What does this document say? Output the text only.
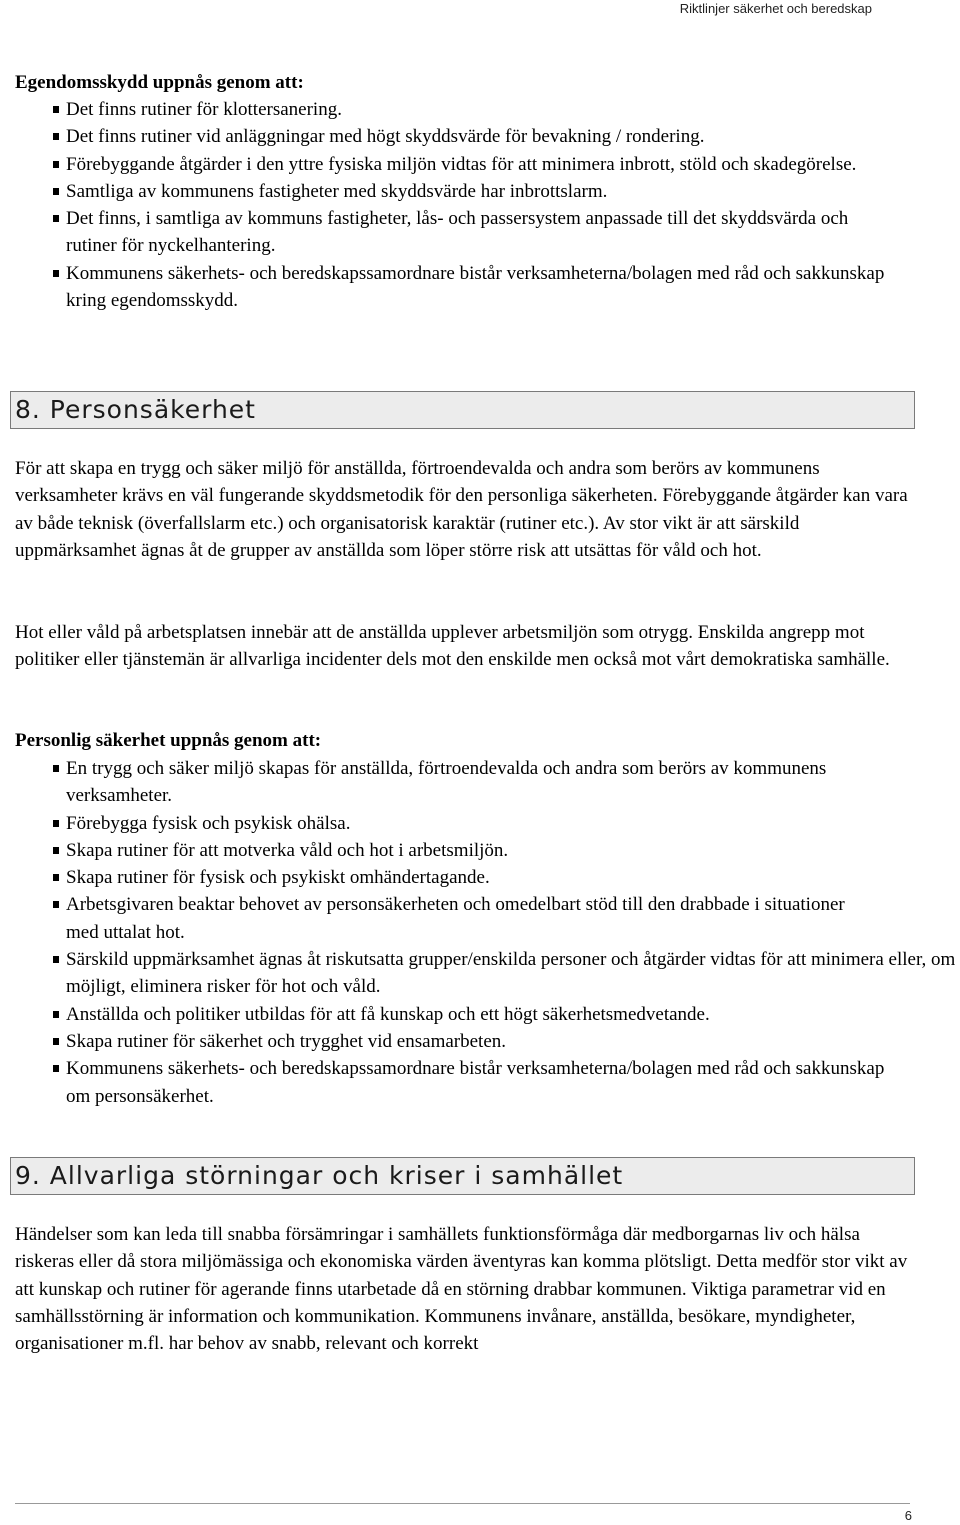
Riktlinjer säkerhet och beredskap

Egendomsskydd uppnås genom att:

Det finns rutiner för klottersanering.
Det finns rutiner vid anläggningar med högt skyddsvärde för bevakning / rondering.
Förebyggande åtgärder i den yttre fysiska miljön vidtas för att minimera inbrott, stöld och skadegörelse.
Samtliga av kommunens fastigheter med skyddsvärde har inbrottslarm.
Det finns, i samtliga av kommuns fastigheter, lås- och passersystem anpassade till det skyddsvärda och rutiner för nyckelhantering.
Kommunens säkerhets- och beredskapssamordnare bistår verksamheterna/bolagen med råd och sakkunskap kring egendomsskydd.
8. Personsäkerhet

För att skapa en trygg och säker miljö för anställda, förtroendevalda och andra som berörs av kommunens verksamheter krävs en väl fungerande skyddsmetodik för den personliga säkerheten. Förebyggande åtgärder kan vara av både teknisk (överfallslarm etc.) och organisatorisk karaktär (rutiner etc.). Av stor vikt är att särskild uppmärksamhet ägnas åt de grupper av anställda som löper större risk att utsättas för våld och hot.

Hot eller våld på arbetsplatsen innebär att de anställda upplever arbetsmiljön som otrygg. Enskilda angrepp mot politiker eller tjänstemän är allvarliga incidenter dels mot den enskilde men också mot vårt demokratiska samhälle.

Personlig säkerhet uppnås genom att:

En trygg och säker miljö skapas för anställda, förtroendevalda och andra som berörs av kommunens verksamheter.
Förebygga fysisk och psykisk ohälsa.
Skapa rutiner för att motverka våld och hot i arbetsmiljön.
Skapa rutiner för fysisk och psykiskt omhändertagande.
Arbetsgivaren beaktar behovet av personsäkerheten och omedelbart stöd till den drabbade i situationer med uttalat hot.
Särskild uppmärksamhet ägnas åt riskutsatta grupper/enskilda personer och åtgärder vidtas för att minimera eller, om möjligt, eliminera risker för hot och våld.
Anställda och politiker utbildas för att få kunskap och ett högt säkerhetsmedvetande.
Skapa rutiner för säkerhet och trygghet vid ensamarbeten.
Kommunens säkerhets- och beredskapssamordnare bistår verksamheterna/bolagen med råd och sakkunskap om personsäkerhet.
9. Allvarliga störningar och kriser i samhället

Händelser som kan leda till snabba försämringar i samhällets funktionsförmåga där medborgarnas liv och hälsa riskeras eller då stora miljömässiga och ekonomiska värden äventyras kan komma plötsligt. Detta medför stor vikt av att kunskap och rutiner för agerande finns utarbetade då en störning drabbar kommunen. Viktiga parametrar vid en samhällsstörning är information och kommunikation. Kommunens invånare, anställda, besökare, myndigheter, organisationer m.fl. har behov av snabb, relevant och korrekt

6
